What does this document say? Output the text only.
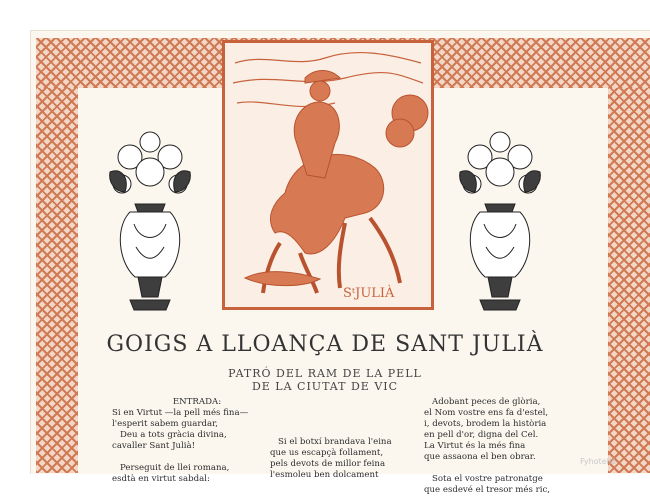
SᵗJULIÀ
GOIGS A LLOANÇA DE SANT JULIÀ
PATRÓ DEL RAM DE LA PELL
DE LA CIUTAT DE VIC
ENTRADA:
Si en Virtut —la pell més fina—
l'esperit sabem guardar,
Deu a tots gràcia divina,
cavaller Sant Julià!
Perseguit de llei romana,
esdtà en virtut sabdal:
Si el botxí brandava l'eina
que us escapçà follament,
pels devots de millor feina
l'esmoleu ben dolcament
Adobant peces de glòria,
el Nom vostre ens fa d'estel,
i, devots, brodem la història
en pell d'or, digna del Cel.
La Virtut és la més fina
que assaona el ben obrar.
Sota el vostre patronatge
que esdevé el tresor més ric,
Fyhotellé
